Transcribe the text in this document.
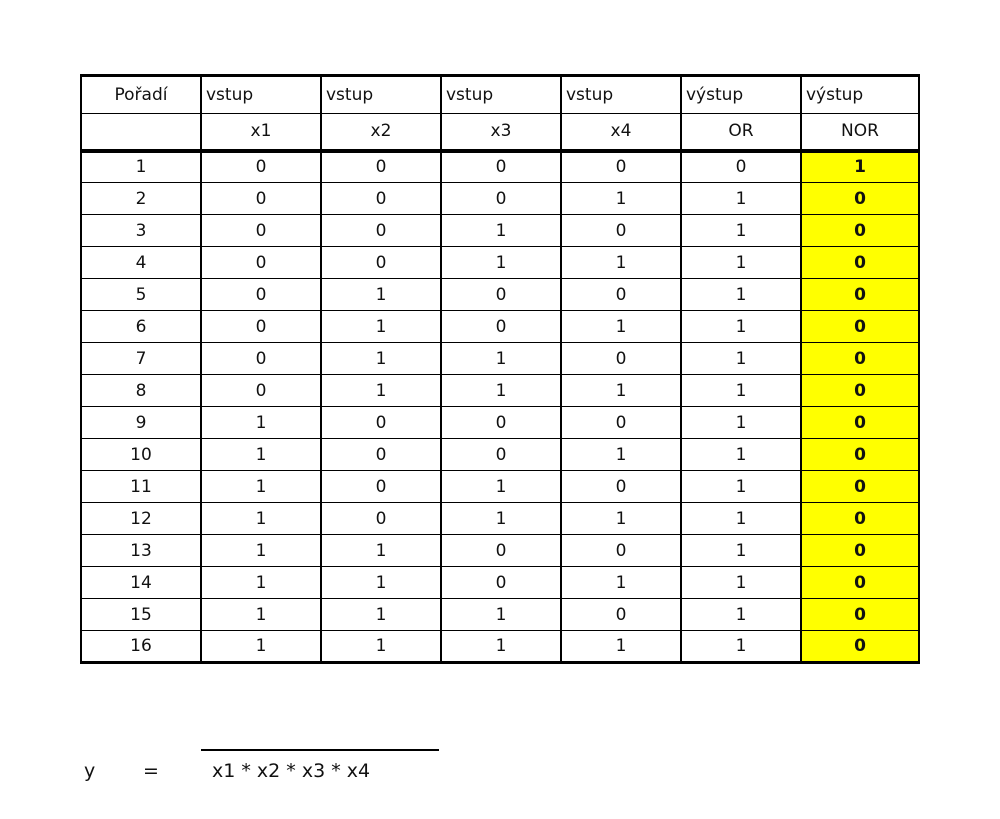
Pořadí	vstup	vstup	vstup	vstup	výstup	výstup
	x1	x2	x3	x4	OR	NOR
1	0	0	0	0	0	1
2	0	0	0	1	1	0
3	0	0	1	0	1	0
4	0	0	1	1	1	0
5	0	1	0	0	1	0
6	0	1	0	1	1	0
7	0	1	1	0	1	0
8	0	1	1	1	1	0
9	1	0	0	0	1	0
10	1	0	0	1	1	0
11	1	0	1	0	1	0
12	1	0	1	1	1	0
13	1	1	0	0	1	0
14	1	1	0	1	1	0
15	1	1	1	0	1	0
16	1	1	1	1	1	0
y	=	x1 * x2 * x3 * x4
